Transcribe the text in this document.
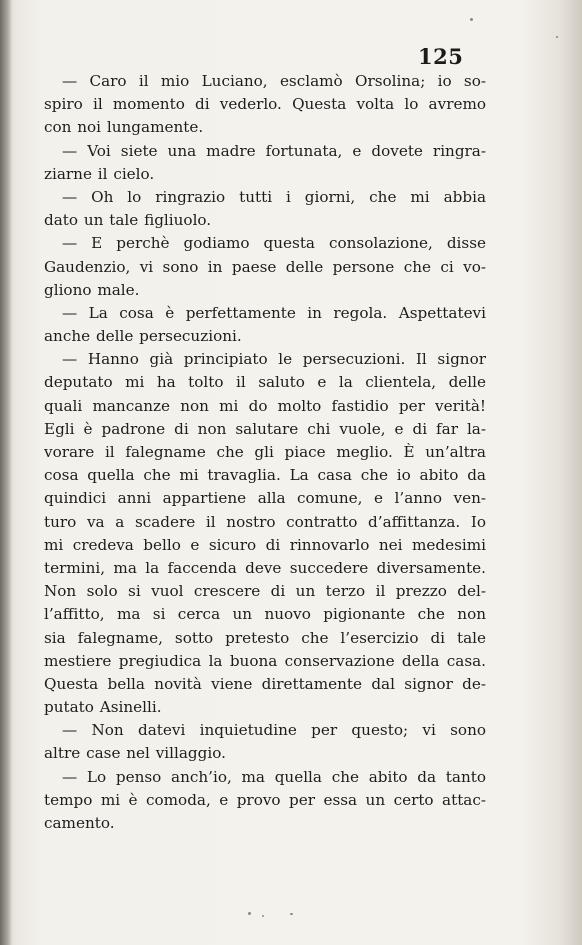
125
— Caro il mio Luciano, esclamò Orsolina; io so-
spiro il momento di vederlo. Questa volta lo avremo
con noi lungamente.
— Voi siete una madre fortunata, e dovete ringra-
ziarne il cielo.
— Oh lo ringrazio tutti i giorni, che mi abbia
dato un tale figliuolo.
— E perchè godiamo questa consolazione, disse
Gaudenzio, vi sono in paese delle persone che ci vo-
gliono male.
— La cosa è perfettamente in regola. Aspettatevi
anche delle persecuzioni.
— Hanno già principiato le persecuzioni. Il signor
deputato mi ha tolto il saluto e la clientela, delle
quali mancanze non mi do molto fastidio per verità!
Egli è padrone di non salutare chi vuole, e di far la-
vorare il falegname che gli piace meglio. È un’altra
cosa quella che mi travaglia. La casa che io abito da
quindici anni appartiene alla comune, e l’anno ven-
turo va a scadere il nostro contratto d’affittanza. Io
mi credeva bello e sicuro di rinnovarlo nei medesimi
termini, ma la faccenda deve succedere diversamente.
Non solo si vuol crescere di un terzo il prezzo del-
l’affitto, ma si cerca un nuovo pigionante che non
sia falegname, sotto pretesto che l’esercizio di tale
mestiere pregiudica la buona conservazione della casa.
Questa bella novità viene direttamente dal signor de-
putato Asinelli.
— Non datevi inquietudine per questo; vi sono
altre case nel villaggio.
— Lo penso anch’io, ma quella che abito da tanto
tempo mi è comoda, e provo per essa un certo attac-
camento.
